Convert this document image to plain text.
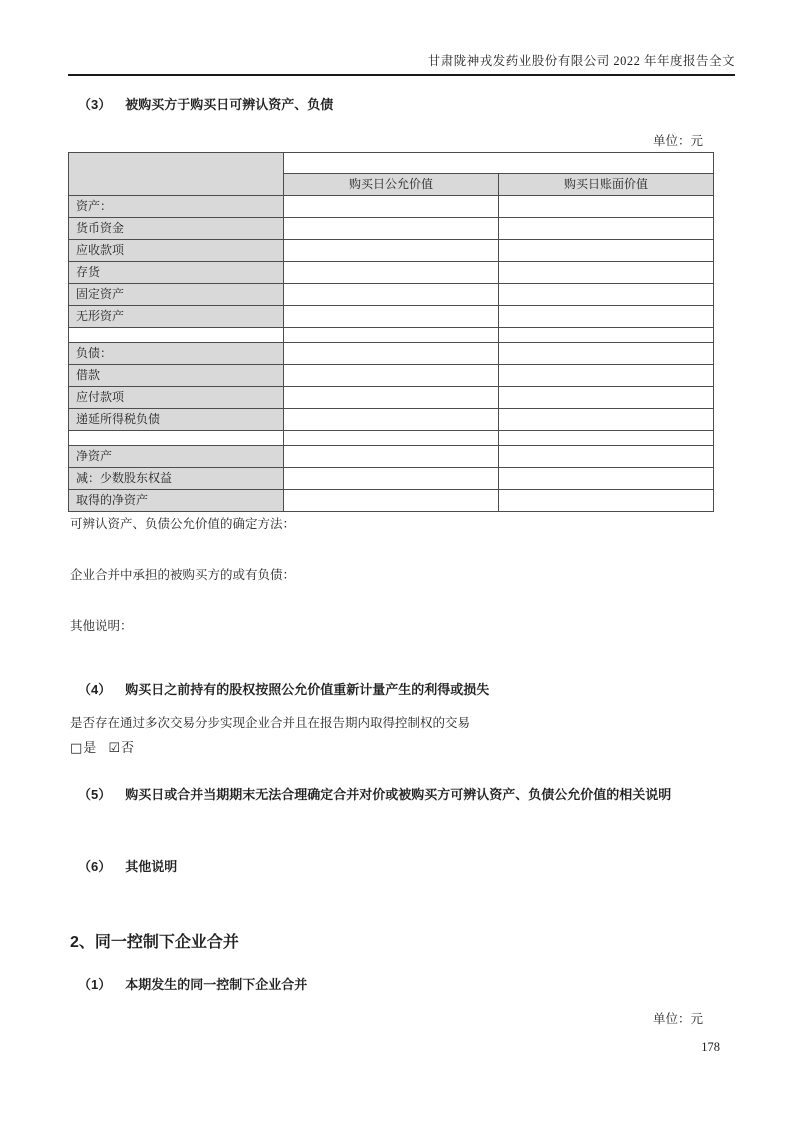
甘肃陇神戎发药业股份有限公司 2022 年年度报告全文
（3） 被购买方于购买日可辨认资产、负债
单位：元

	购买日公允价值	购买日账面价值
资产：		
货币资金		
应收款项		
存货		
固定资产		
无形资产		

负债：		
借款		
应付款项		
递延所得税负债		

净资产		
减：少数股东权益		
取得的净资产		
可辨认资产、负债公允价值的确定方法：
企业合并中承担的被购买方的或有负债：
其他说明：
（4） 购买日之前持有的股权按照公允价值重新计量产生的利得或损失
是否存在通过多次交易分步实现企业合并且在报告期内取得控制权的交易
□是 ☑否
（5） 购买日或合并当期期末无法合理确定合并对价或被购买方可辨认资产、负债公允价值的相关说明
（6） 其他说明
2、同一控制下企业合并
（1） 本期发生的同一控制下企业合并
单位：元
178
